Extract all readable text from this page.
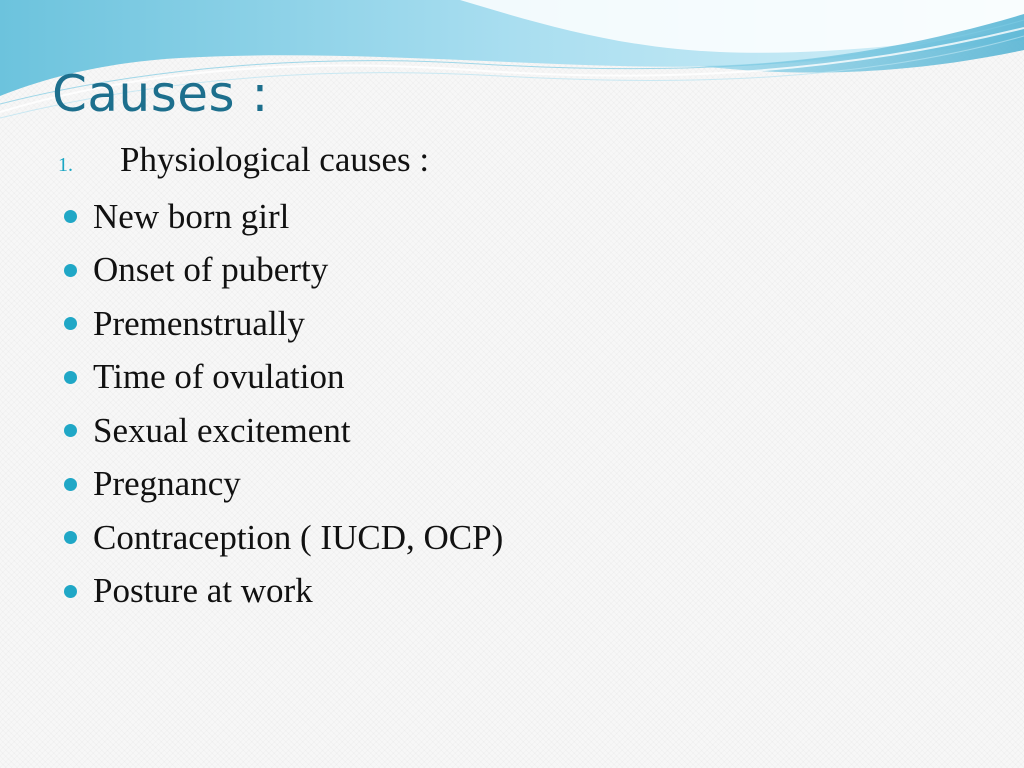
Causes :
1.	Physiological causes :
New born girl
Onset of puberty
Premenstrually
Time of ovulation
Sexual excitement
Pregnancy
Contraception ( IUCD, OCP)
Posture at work
